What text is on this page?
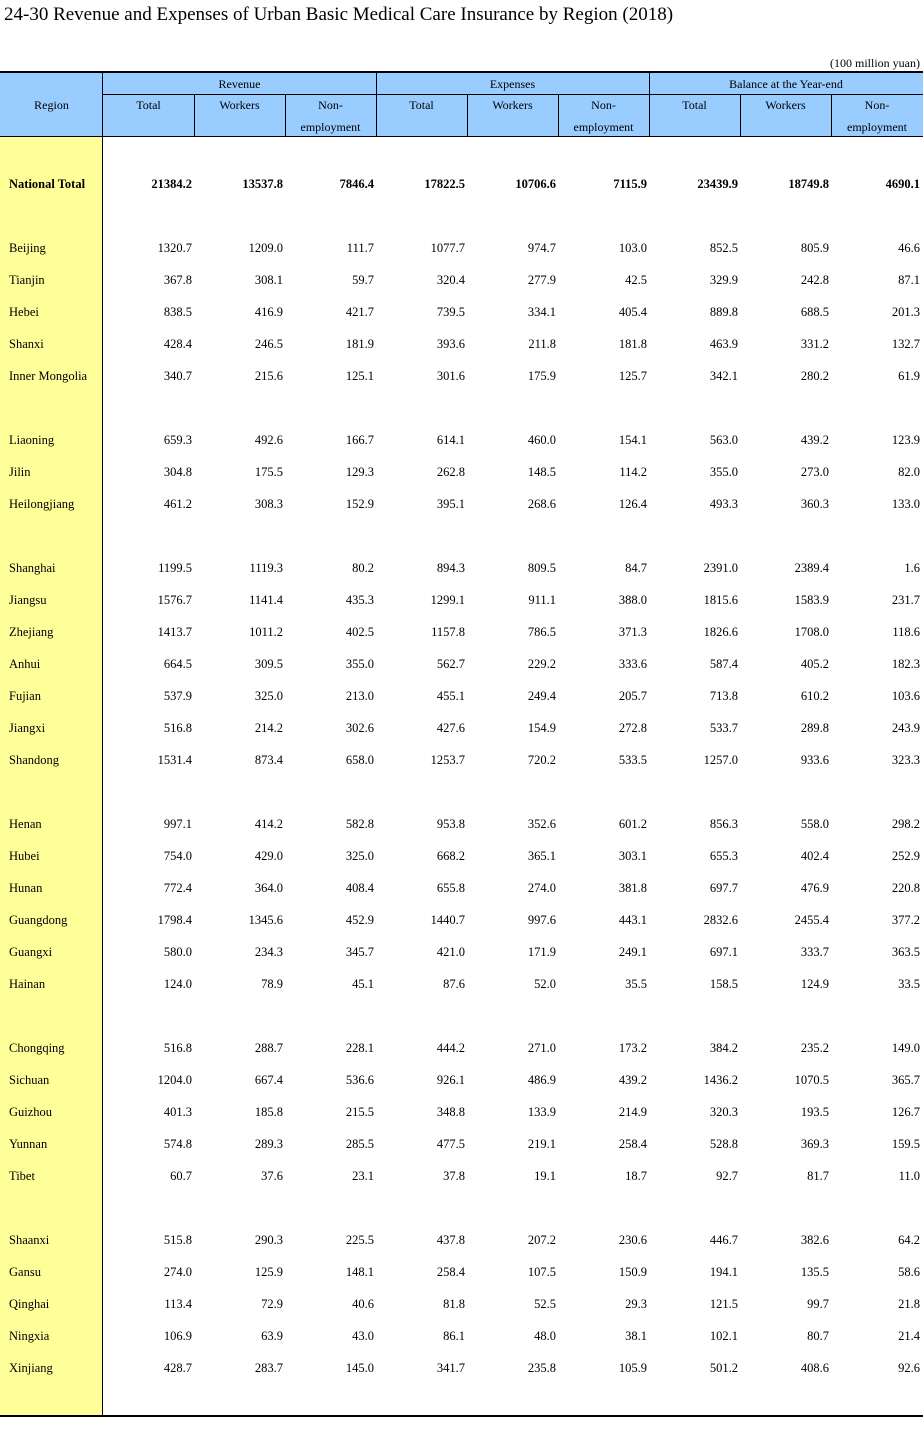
24-30 Revenue and Expenses of Urban Basic Medical Care Insurance by Region (2018)
(100 million yuan)
Region
Revenue	Expenses	Balance at the Year-end
Total	Workers	Non-
employment
Total	Workers	Non-
employment
Total	Workers	Non-
employment
National Total	21384.2	13537.8	7846.4	17822.5	10706.6	7115.9	23439.9	18749.8	4690.1
Beijing	1320.7	1209.0	111.7	1077.7	974.7	103.0	852.5	805.9	46.6
Tianjin	367.8	308.1	59.7	320.4	277.9	42.5	329.9	242.8	87.1
Hebei	838.5	416.9	421.7	739.5	334.1	405.4	889.8	688.5	201.3
Shanxi	428.4	246.5	181.9	393.6	211.8	181.8	463.9	331.2	132.7
Inner Mongolia	340.7	215.6	125.1	301.6	175.9	125.7	342.1	280.2	61.9
Liaoning	659.3	492.6	166.7	614.1	460.0	154.1	563.0	439.2	123.9
Jilin	304.8	175.5	129.3	262.8	148.5	114.2	355.0	273.0	82.0
Heilongjiang	461.2	308.3	152.9	395.1	268.6	126.4	493.3	360.3	133.0
Shanghai	1199.5	1119.3	80.2	894.3	809.5	84.7	2391.0	2389.4	1.6
Jiangsu	1576.7	1141.4	435.3	1299.1	911.1	388.0	1815.6	1583.9	231.7
Zhejiang	1413.7	1011.2	402.5	1157.8	786.5	371.3	1826.6	1708.0	118.6
Anhui	664.5	309.5	355.0	562.7	229.2	333.6	587.4	405.2	182.3
Fujian	537.9	325.0	213.0	455.1	249.4	205.7	713.8	610.2	103.6
Jiangxi	516.8	214.2	302.6	427.6	154.9	272.8	533.7	289.8	243.9
Shandong	1531.4	873.4	658.0	1253.7	720.2	533.5	1257.0	933.6	323.3
Henan	997.1	414.2	582.8	953.8	352.6	601.2	856.3	558.0	298.2
Hubei	754.0	429.0	325.0	668.2	365.1	303.1	655.3	402.4	252.9
Hunan	772.4	364.0	408.4	655.8	274.0	381.8	697.7	476.9	220.8
Guangdong	1798.4	1345.6	452.9	1440.7	997.6	443.1	2832.6	2455.4	377.2
Guangxi	580.0	234.3	345.7	421.0	171.9	249.1	697.1	333.7	363.5
Hainan	124.0	78.9	45.1	87.6	52.0	35.5	158.5	124.9	33.5
Chongqing	516.8	288.7	228.1	444.2	271.0	173.2	384.2	235.2	149.0
Sichuan	1204.0	667.4	536.6	926.1	486.9	439.2	1436.2	1070.5	365.7
Guizhou	401.3	185.8	215.5	348.8	133.9	214.9	320.3	193.5	126.7
Yunnan	574.8	289.3	285.5	477.5	219.1	258.4	528.8	369.3	159.5
Tibet	60.7	37.6	23.1	37.8	19.1	18.7	92.7	81.7	11.0
Shaanxi	515.8	290.3	225.5	437.8	207.2	230.6	446.7	382.6	64.2
Gansu	274.0	125.9	148.1	258.4	107.5	150.9	194.1	135.5	58.6
Qinghai	113.4	72.9	40.6	81.8	52.5	29.3	121.5	99.7	21.8
Ningxia	106.9	63.9	43.0	86.1	48.0	38.1	102.1	80.7	21.4
Xinjiang	428.7	283.7	145.0	341.7	235.8	105.9	501.2	408.6	92.6
